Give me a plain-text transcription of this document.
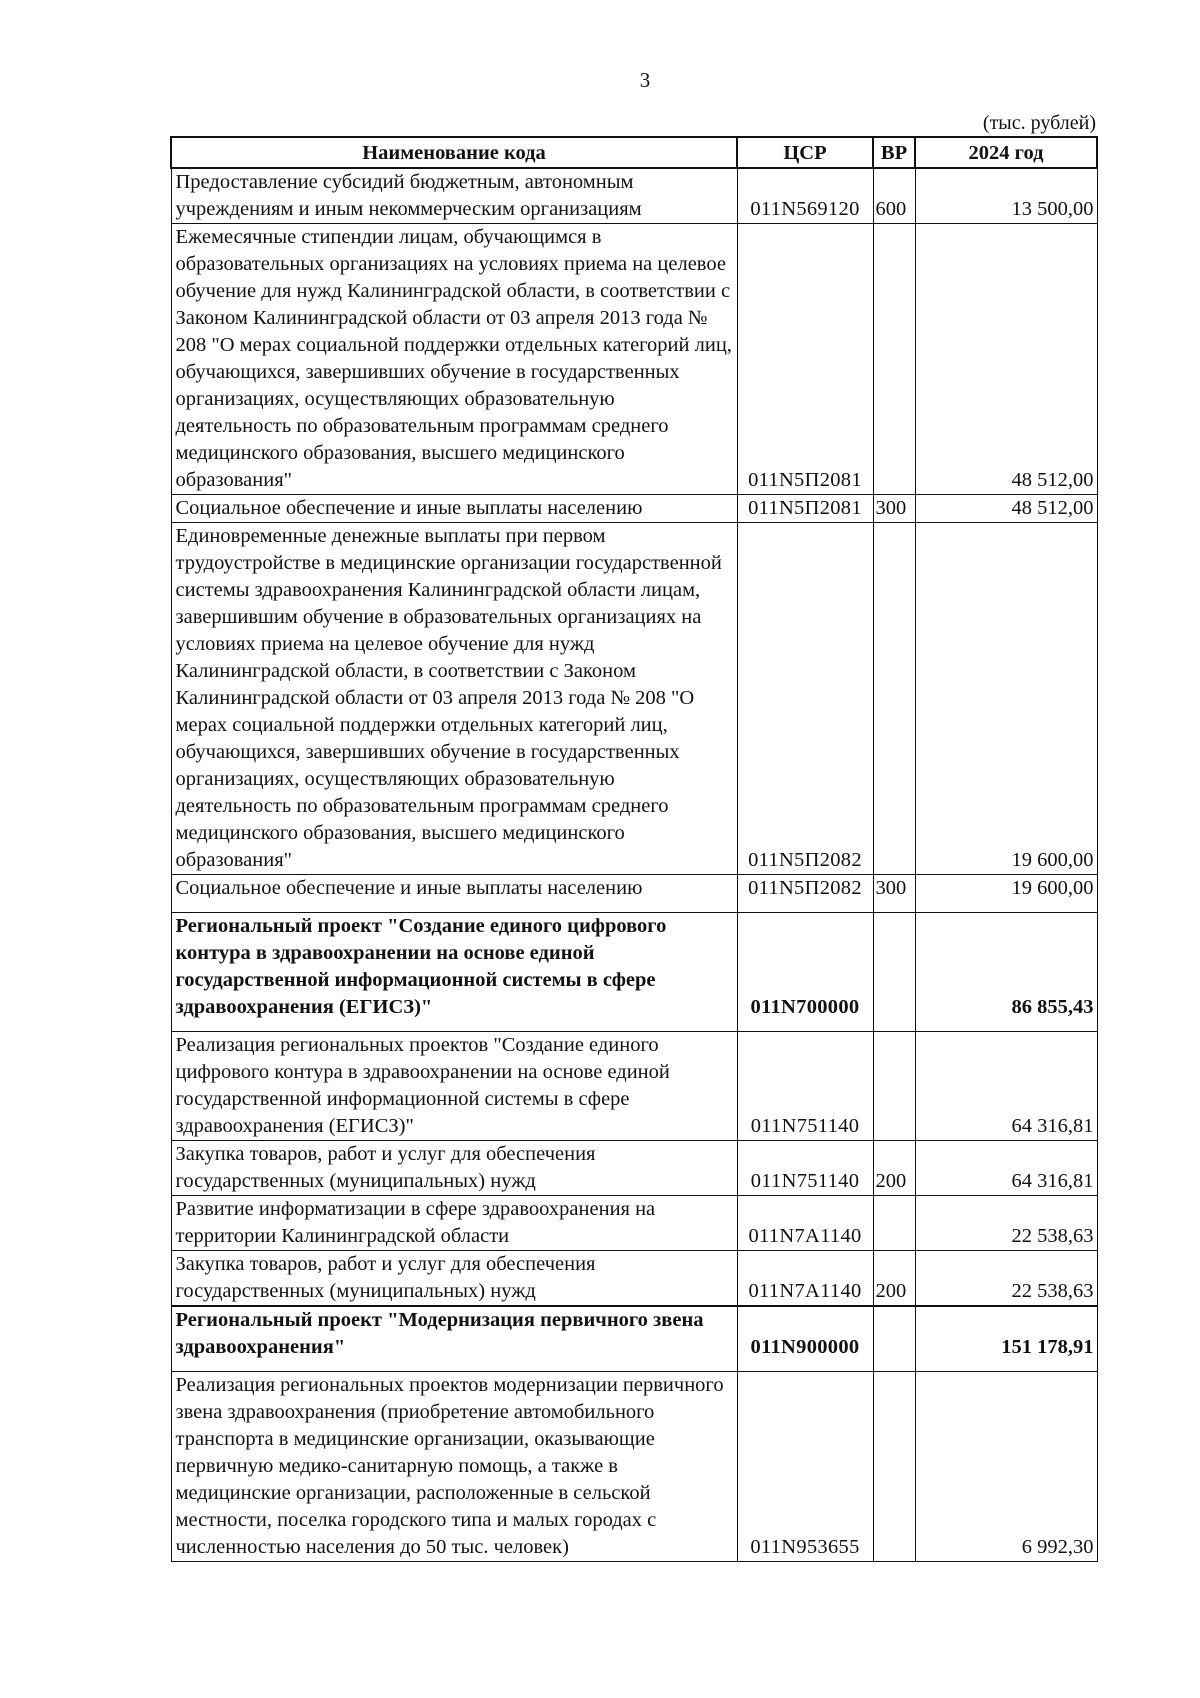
3
(тыс. рублей)
Наименование кода	ЦСР	ВР	2024 год
Предоставление субсидий бюджетным, автономным учреждениям и иным некоммерческим организациям	011N569120	600	13 500,00
Ежемесячные стипендии лицам, обучающимся в образовательных организациях на условиях приема на целевое обучение для нужд Калининградской области, в соответствии с Законом Калининградской области от 03 апреля 2013 года № 208 "О мерах социальной поддержки отдельных категорий лиц, обучающихся, завершивших обучение в государственных организациях, осуществляющих образовательную деятельность по образовательным программам среднего медицинского образования, высшего медицинского образования"	011N5П2081		48 512,00
Социальное обеспечение и иные выплаты населению	011N5П2081	300	48 512,00
Единовременные денежные выплаты при первом трудоустройстве в медицинские организации государственной системы здравоохранения Калининградской области лицам, завершившим обучение в образовательных организациях на условиях приема на целевое обучение для нужд Калининградской области, в соответствии с Законом Калининградской области от 03 апреля 2013 года № 208 "О мерах социальной поддержки отдельных категорий лиц, обучающихся, завершивших обучение в государственных организациях, осуществляющих образовательную деятельность по образовательным программам среднего медицинского образования, высшего медицинского образования"	011N5П2082		19 600,00
Социальное обеспечение и иные выплаты населению	011N5П2082	300	19 600,00
Региональный проект "Создание единого цифрового контура в здравоохранении на основе единой государственной информационной системы в сфере здравоохранения (ЕГИСЗ)"	011N700000		86 855,43
Реализация региональных проектов "Создание единого цифрового контура в здравоохранении на основе единой государственной информационной системы в сфере здравоохранения (ЕГИСЗ)"	011N751140		64 316,81
Закупка товаров, работ и услуг для обеспечения государственных (муниципальных) нужд	011N751140	200	64 316,81
Развитие информатизации в сфере здравоохранения на территории Калининградской области	011N7A1140		22 538,63
Закупка товаров, работ и услуг для обеспечения государственных (муниципальных) нужд	011N7A1140	200	22 538,63
Региональный проект "Модернизация первичного звена здравоохранения"	011N900000		151 178,91
Реализация региональных проектов модернизации первичного звена здравоохранения (приобретение автомобильного транспорта в медицинские организации, оказывающие первичную медико-санитарную помощь, а также в медицинские организации, расположенные в сельской местности, поселка городского типа и малых городах с численностью населения до 50 тыс. человек)	011N953655		6 992,30
